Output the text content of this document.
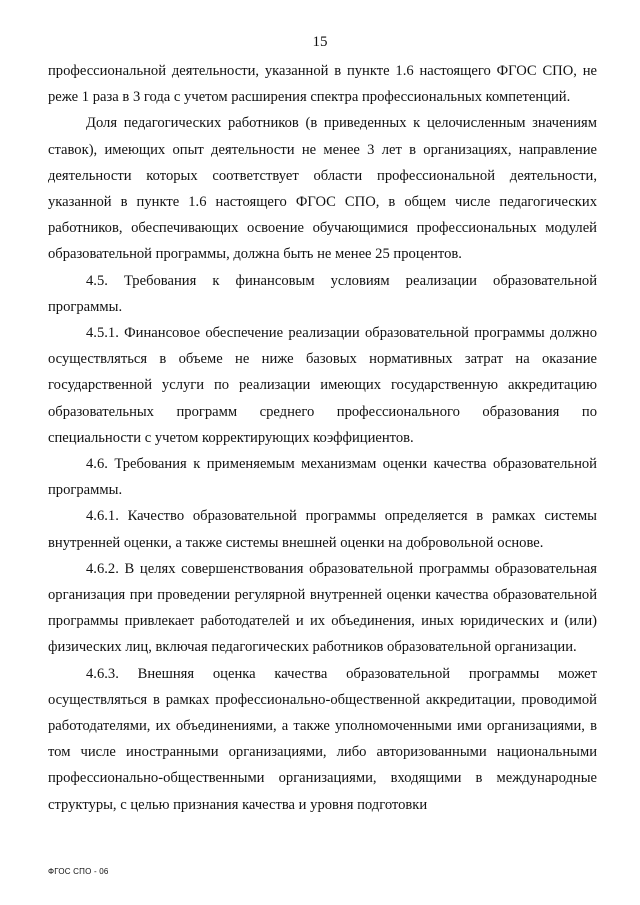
15

профессиональной деятельности, указанной в пункте 1.6 настоящего ФГОС СПО, не реже 1 раза в 3 года с учетом расширения спектра профессиональных компетенций.

Доля педагогических работников (в приведенных к целочисленным значениям ставок), имеющих опыт деятельности не менее 3 лет в организациях, направление деятельности которых соответствует области профессиональной деятельности, указанной в пункте 1.6 настоящего ФГОС СПО, в общем числе педагогических работников, обеспечивающих освоение обучающимися профессиональных модулей образовательной программы, должна быть не менее 25 процентов.

4.5. Требования к финансовым условиям реализации образовательной программы.

4.5.1. Финансовое обеспечение реализации образовательной программы должно осуществляться в объеме не ниже базовых нормативных затрат на оказание государственной услуги по реализации имеющих государственную аккредитацию образовательных программ среднего профессионального образования по специальности с учетом корректирующих коэффициентов.

4.6. Требования к применяемым механизмам оценки качества образовательной программы.

4.6.1. Качество образовательной программы определяется в рамках системы внутренней оценки, а также системы внешней оценки на добровольной основе.

4.6.2. В целях совершенствования образовательной программы образовательная организация при проведении регулярной внутренней оценки качества образовательной программы привлекает работодателей и их объединения, иных юридических и (или) физических лиц, включая педагогических работников образовательной организации.

4.6.3. Внешняя оценка качества образовательной программы может осуществляться в рамках профессионально-общественной аккредитации, проводимой работодателями, их объединениями, а также уполномоченными ими организациями, в том числе иностранными организациями, либо авторизованными национальными профессионально-общественными организациями, входящими в международные структуры, с целью признания качества и уровня подготовки

ФГОС СПО - 06
